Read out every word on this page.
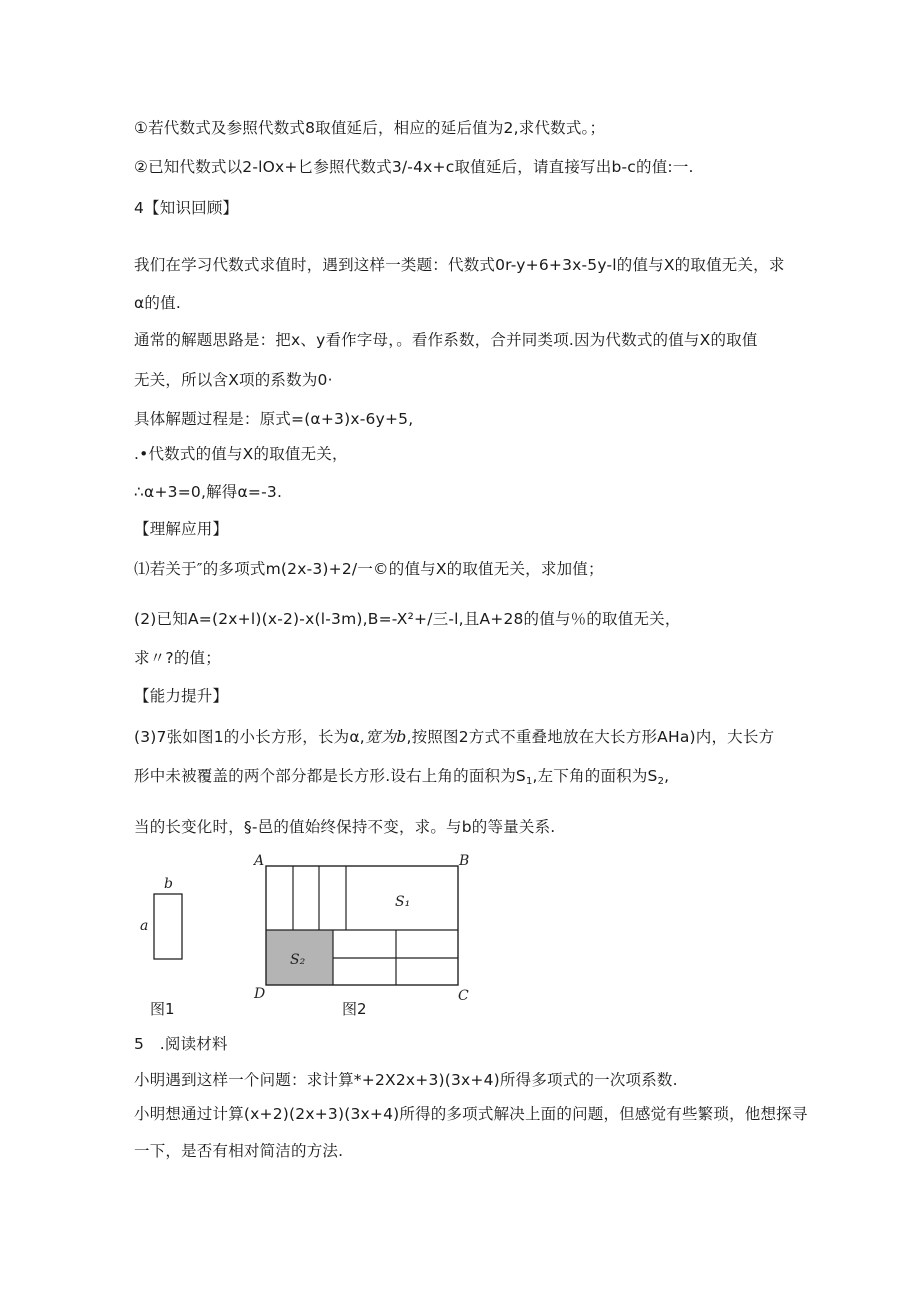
①若代数式及参照代数式8取值延后，相应的延后值为2,求代数式。；
②已知代数式以2-lOx+匕参照代数式3∕-4x+c取值延后，请直接写出b-c的值:一.
4【知识回顾】
我们在学习代数式求值时，遇到这样一类题：代数式0r-y+6+3x-5y-l的值与X的取值无关，求
α的值.
通常的解题思路是：把x、y看作字母，。看作系数，合并同类项.因为代数式的值与X的取值
无关，所以含X项的系数为0·
具体解题过程是：原式=(α+3)x-6y+5,
.•代数式的值与X的取值无关，
∴α+3=0,解得α=-3.
【理解应用】
⑴若关于″的多项式m(2x-3)+2/一©的值与X的取值无关，求加值；
(2)已知A=(2x+l)(x-2)-x(l-3m),B=-X²+∕三-l,且A+28的值与％的取值无关，
求〃?的值；
【能力提升】
(3)7张如图1的小长方形，长为α,宽为b,按照图2方式不重叠地放在大长方形AHa)内，大长方
形中未被覆盖的两个部分都是长方形.设右上角的面积为$S_1$,左下角的面积为$S_2$,
当的长变化时，§-邑的值始终保持不变，求。与b的等量关系.
b
a
图1
A	B
C
D
S₁
S₂
图2
5　.阅读材料
小明遇到这样一个问题：求计算*+2X2x+3)(3x+4)所得多项式的一次项系数.
小明想通过计算(x+2)(2x+3)(3x+4)所得的多项式解决上面的问题，但感觉有些繁琐，他想探寻
一下，是否有相对简洁的方法.
